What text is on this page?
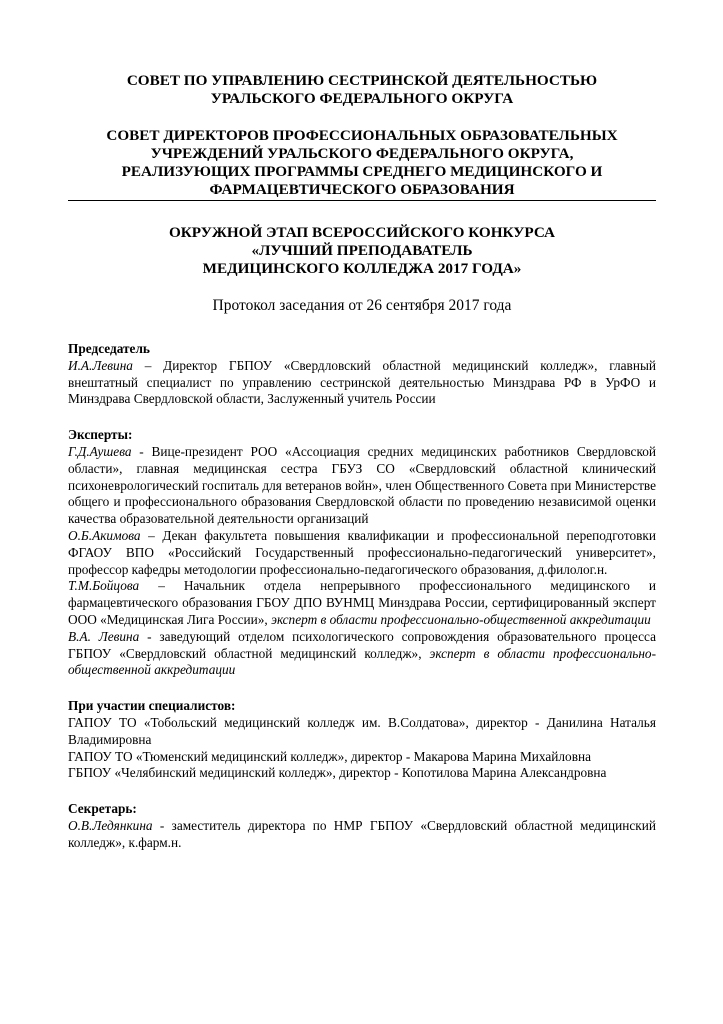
СОВЕТ ПО УПРАВЛЕНИЮ СЕСТРИНСКОЙ ДЕЯТЕЛЬНОСТЬЮ

УРАЛЬСКОГО ФЕДЕРАЛЬНОГО ОКРУГА

СОВЕТ ДИРЕКТОРОВ ПРОФЕССИОНАЛЬНЫХ ОБРАЗОВАТЕЛЬНЫХ

УЧРЕЖДЕНИЙ УРАЛЬСКОГО ФЕДЕРАЛЬНОГО ОКРУГА,

РЕАЛИЗУЮЩИХ ПРОГРАММЫ СРЕДНЕГО МЕДИЦИНСКОГО И

ФАРМАЦЕВТИЧЕСКОГО ОБРАЗОВАНИЯ

ОКРУЖНОЙ ЭТАП ВСЕРОССИЙСКОГО КОНКУРСА

«ЛУЧШИЙ ПРЕПОДАВАТЕЛЬ

МЕДИЦИНСКОГО КОЛЛЕДЖА 2017 ГОДА»

Протокол заседания от 26 сентября 2017 года

Председатель

И.А.Левина – Директор ГБПОУ «Свердловский областной медицинский колледж», главный внештатный специалист по управлению сестринской деятельностью Минздрава РФ в УрФО и Минздрава Свердловской области, Заслуженный учитель России

Эксперты:

Г.Д.Аушева - Вице-президент РОО «Ассоциация средних медицинских работников Свердловской области», главная медицинская сестра ГБУЗ СО «Свердловский областной клинический психоневрологический госпиталь для ветеранов войн», член Общественного Совета при Министерстве общего и профессионального образования Свердловской области по проведению независимой оценки качества образовательной деятельности организаций

О.Б.Акимова – Декан факультета повышения квалификации и профессиональной переподготовки ФГАОУ ВПО «Российский Государственный профессионально-педагогический университет», профессор кафедры методологии профессионально-педагогического образования, д.филолог.н.

Т.М.Бойцова – Начальник отдела непрерывного профессионального медицинского и фармацевтического образования ГБОУ ДПО ВУНМЦ Минздрава России, сертифицированный эксперт ООО «Медицинская Лига России», эксперт в области профессионально-общественной аккредитации

В.А. Левина - заведующий отделом психологического сопровождения образовательного процесса ГБПОУ «Свердловский областной медицинский колледж», эксперт в области профессионально-общественной аккредитации

При участии специалистов:

ГАПОУ ТО «Тобольский медицинский колледж им. В.Солдатова», директор - Данилина Наталья Владимировна

ГАПОУ ТО «Тюменский медицинский колледж», директор - Макарова Марина Михайловна

ГБПОУ «Челябинский медицинский колледж», директор - Копотилова Марина Александровна

Секретарь:

О.В.Ледянкина - заместитель директора по НМР ГБПОУ «Свердловский областной медицинский колледж», к.фарм.н.
